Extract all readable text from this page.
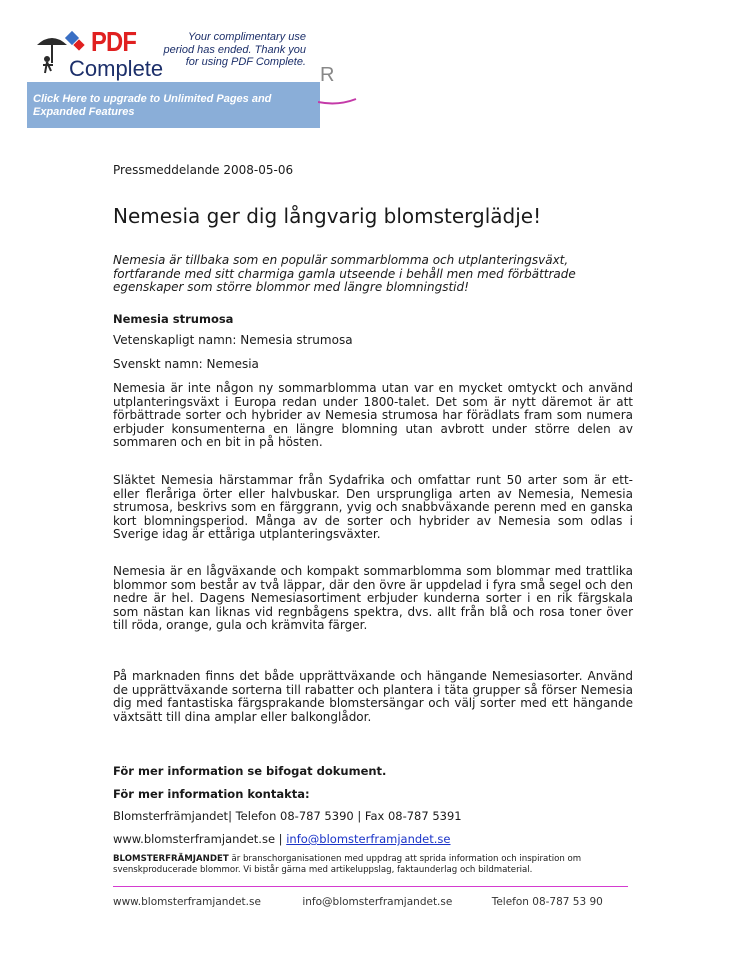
PDF
Complete
Your complimentary use period has ended. Thank you for using PDF Complete.
Click Here to upgrade to Unlimited Pages and Expanded Features
R

Pressmeddelande 2008-05-06

Nemesia ger dig långvarig blomsterglädje!

Nemesia är tillbaka som en populär sommarblomma och utplanteringsväxt, fortfarande med sitt charmiga gamla utseende i behåll men med förbättrade egenskaper som större blommor med längre blomningstid!

Nemesia strumosa

Vetenskapligt namn: Nemesia strumosa

Svenskt namn: Nemesia

Nemesia är inte någon ny sommarblomma utan var en mycket omtyckt och använd utplanteringsväxt i Europa redan under 1800-talet. Det som är nytt däremot är att förbättrade sorter och hybrider av Nemesia strumosa har förädlats fram som numera erbjuder konsumenterna en längre blomning utan avbrott under större delen av sommaren och en bit in på hösten.

Släktet Nemesia härstammar från Sydafrika och omfattar runt 50 arter som är ett- eller fleråriga örter eller halvbuskar. Den ursprungliga arten av Nemesia, Nemesia strumosa, beskrivs som en färggrann, yvig och snabbväxande perenn med en ganska kort blomningsperiod. Många av de sorter och hybrider av Nemesia som odlas i Sverige idag är ettåriga utplanteringsväxter.

Nemesia är en lågväxande och kompakt sommarblomma som blommar med trattlika blommor som består av två läppar, där den övre är uppdelad i fyra små segel och den nedre är hel. Dagens Nemesiasortiment erbjuder kunderna sorter i en rik färgskala som nästan kan liknas vid regnbågens spektra, dvs. allt från blå och rosa toner över till röda, orange, gula och krämvita färger.

På marknaden finns det både upprättväxande och hängande Nemesiasorter. Använd de upprättväxande sorterna till rabatter och plantera i täta grupper så förser Nemesia dig med fantastiska färgsprakande blomstersängar och välj sorter med ett hängande växtsätt till dina amplar eller balkonglådor.

För mer information se bifogat dokument.

För mer information kontakta:

Blomsterfrämjandet| Telefon 08-787 5390 | Fax 08-787 5391

www.blomsterframjandet.se | info@blomsterframjandet.se

BLOMSTERFRÄMJANDET är branschorganisationen med uppdrag att sprida information och inspiration om svenskproducerade blommor. Vi bistår gärna med artikeluppslag, faktaunderlag och bildmaterial.
www.blomsterframjandet.se	info@blomsterframjandet.se	Telefon 08-787 53 90
